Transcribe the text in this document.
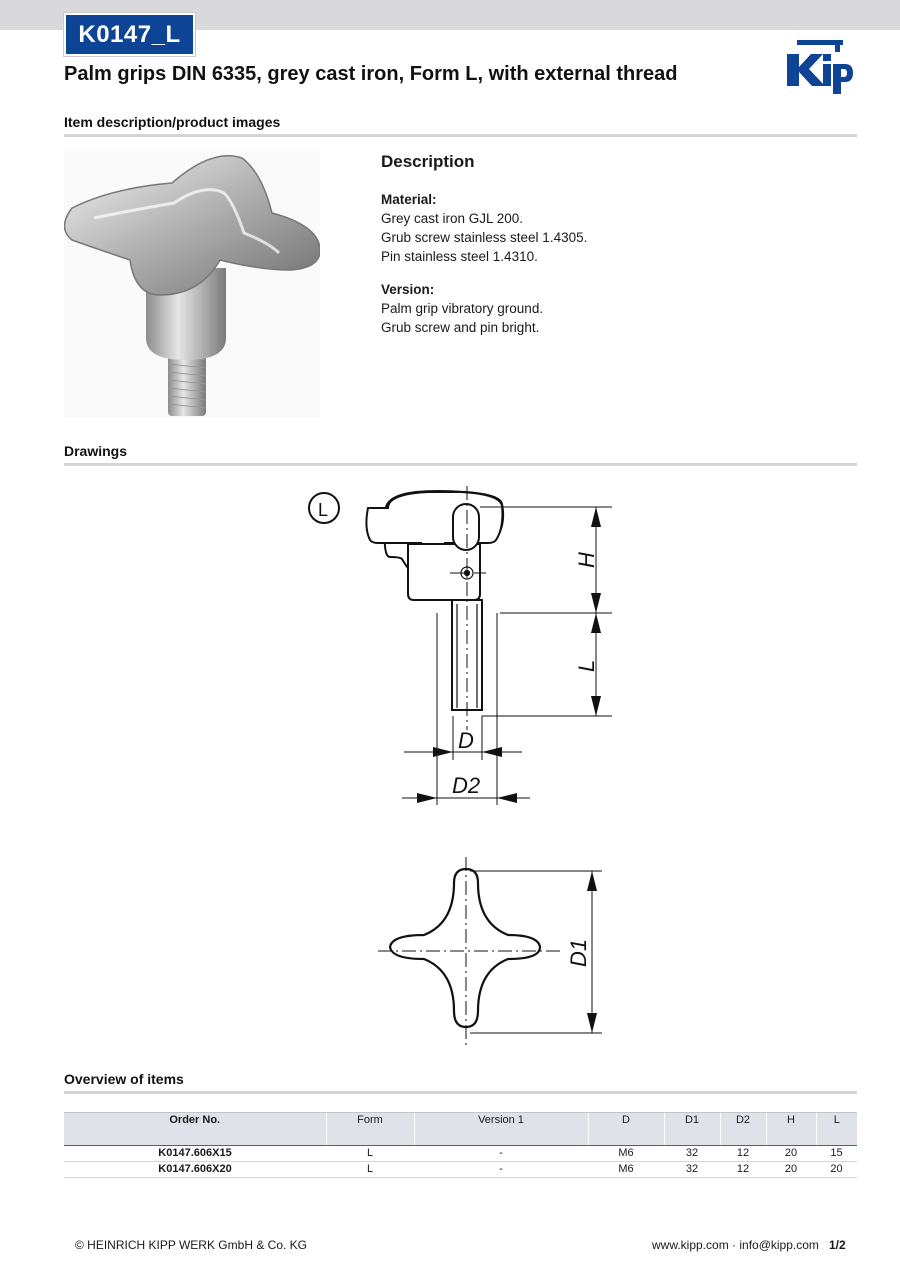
K0147_L
Palm grips DIN 6335, grey cast iron, Form L, with external thread
Item description/product images
Description
Material:
Grey cast iron GJL 200.
Grub screw stainless steel 1.4305.
Pin stainless steel 1.4310.
Version:
Palm grip vibratory ground.
Grub screw and pin bright.
Drawings
L
H
L
D
D2
D1
Overview of items
Order No.	Form	Version 1	D	D1	D2	H	L
K0147.606X15	L	-	M6	32	12	20	15
K0147.606X20	L	-	M6	32	12	20	20
© HEINRICH KIPP WERK GmbH & Co. KG	www.kipp.com · info@kipp.com 1/2
